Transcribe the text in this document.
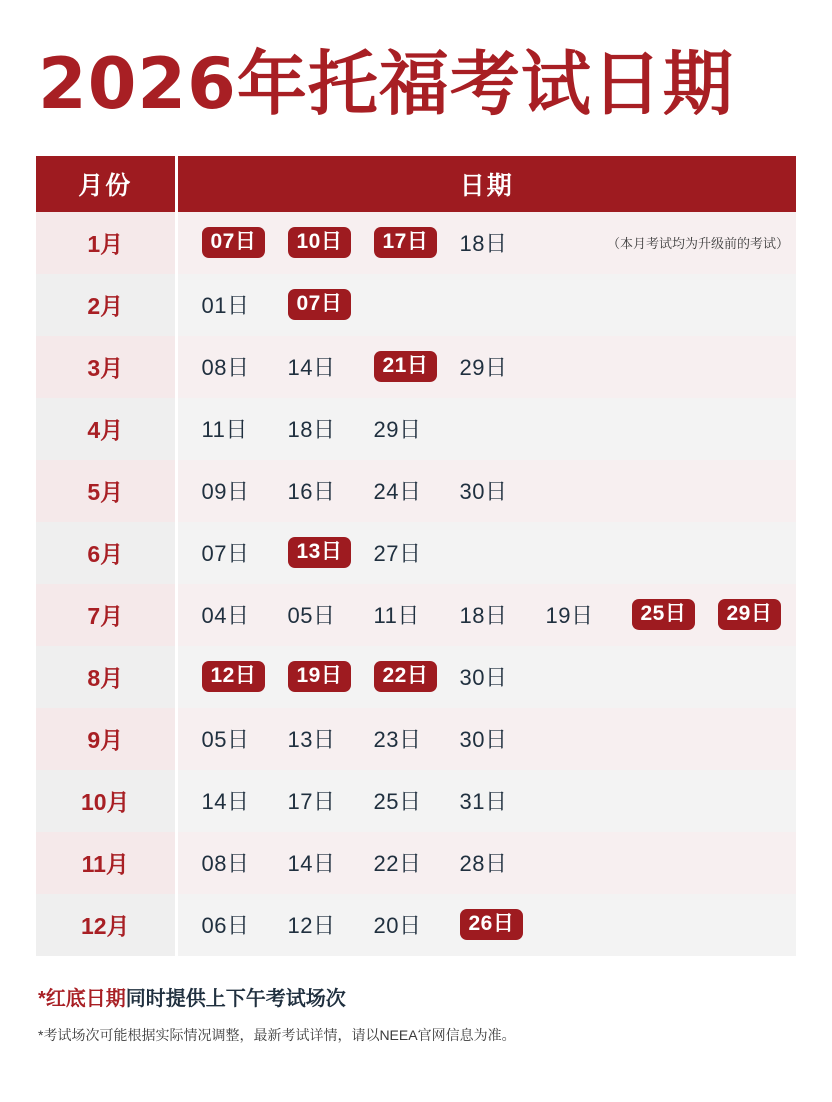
2026年托福考试日期
月份	日期
1月	07日 10日 17日 18日 （本月考试均为升级前的考试）

2月	01日 07日

3月	08日 14日 21日 29日

4月	11日 18日 29日

5月	09日 16日 24日 30日

6月	07日 13日 27日

7月	04日 05日 11日 18日 19日	25日	29日

8月	12日 19日 22日 30日

9月	05日 13日 23日 30日

10月	14日 17日 25日 31日

11月	08日 14日 22日 28日

12月	06日 12日 20日 26日
*红底日期同时提供上下午考试场次
*考试场次可能根据实际情况调整，最新考试详情，请以NEEA官网信息为准。
